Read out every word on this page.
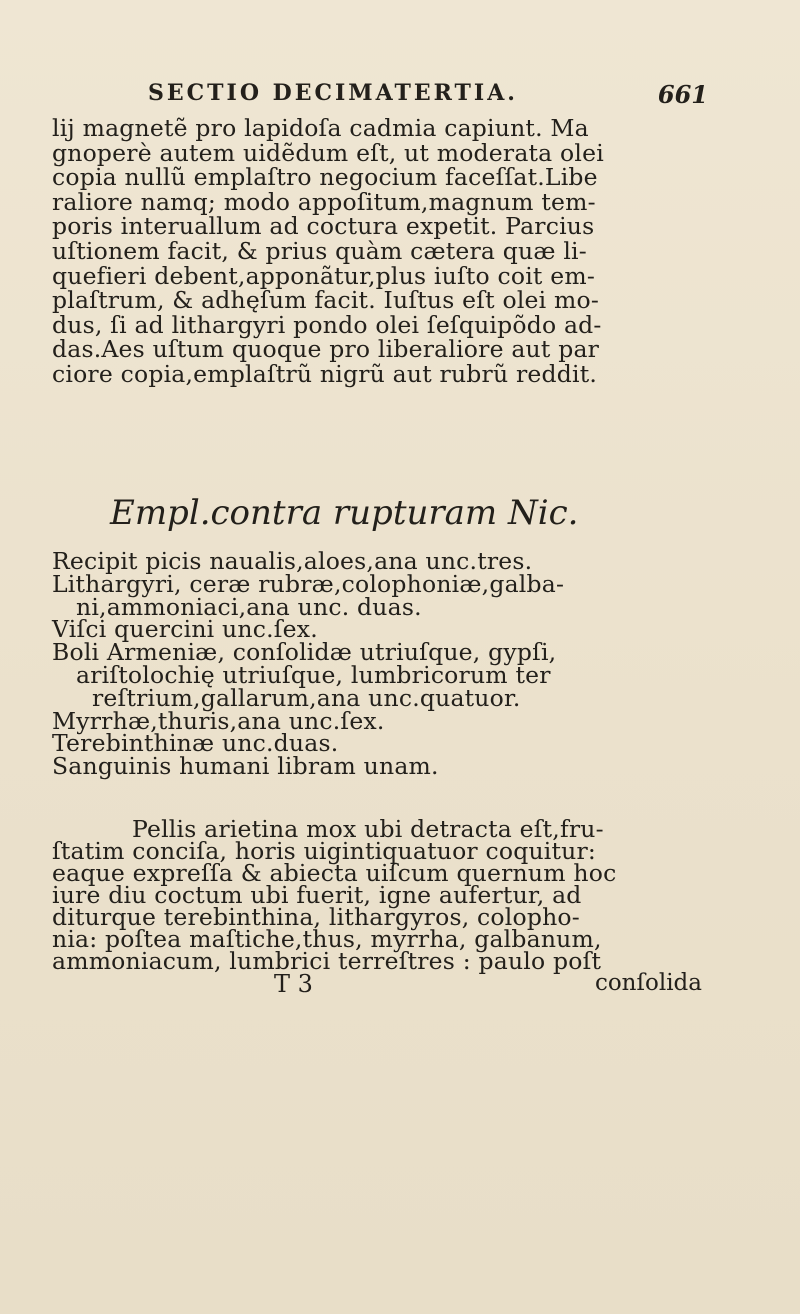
SECTIO DECIMATERTIA.	661
lij magnetẽ pro lapidoſa cadmia capiunt. Ma
gnoperè autem uidẽdum eſt, ut moderata olei
copia nullũ emplaſtro negocium faceſſat.Libe
raliore namq; modo appoſitum,magnum tem-
poris interuallum ad coctura expetit. Parcius
uſtionem facit, & prius quàm cætera quæ li-
quefieri debent,apponãtur,plus iuſto coit em-
plaſtrum, & adhęſum facit. Iuſtus eſt olei mo-
dus, ſi ad lithargyri pondo olei ſeſquipõdo ad-
das.Aes uſtum quoque pro liberaliore aut par
ciore copia,emplaſtrũ nigrũ aut rubrũ reddit.
Empl.contra rupturam Nic.
Recipit picis naualis,aloes,ana unc.tres.
Lithargyri, ceræ rubræ,colophoniæ,galba-
ni,ammoniaci,ana unc. duas.
Viſci quercini unc.ſex.
Boli Armeniæ, conſolidæ utriuſque, gypſi,
ariſtolochię utriuſque, lumbricorum ter
reſtrium,gallarum,ana unc.quatuor.
Myrrhæ,thuris,ana unc.ſex.
Terebinthinæ unc.duas.
Sanguinis humani libram unam.
Pellis arietina mox ubi detracta eſt,fru-
ſtatim conciſa, horis uigintiquatuor coquitur:
eaque expreſſa & abiecta uiſcum quernum hoc
iure diu coctum ubi fuerit, igne aufertur, ad
diturque terebinthina, lithargyros, colopho-
nia: poſtea maſtiche,thus, myrrha, galbanum,
ammoniacum, lumbrici terreſtres : paulo poſt
T 3	conſolida
